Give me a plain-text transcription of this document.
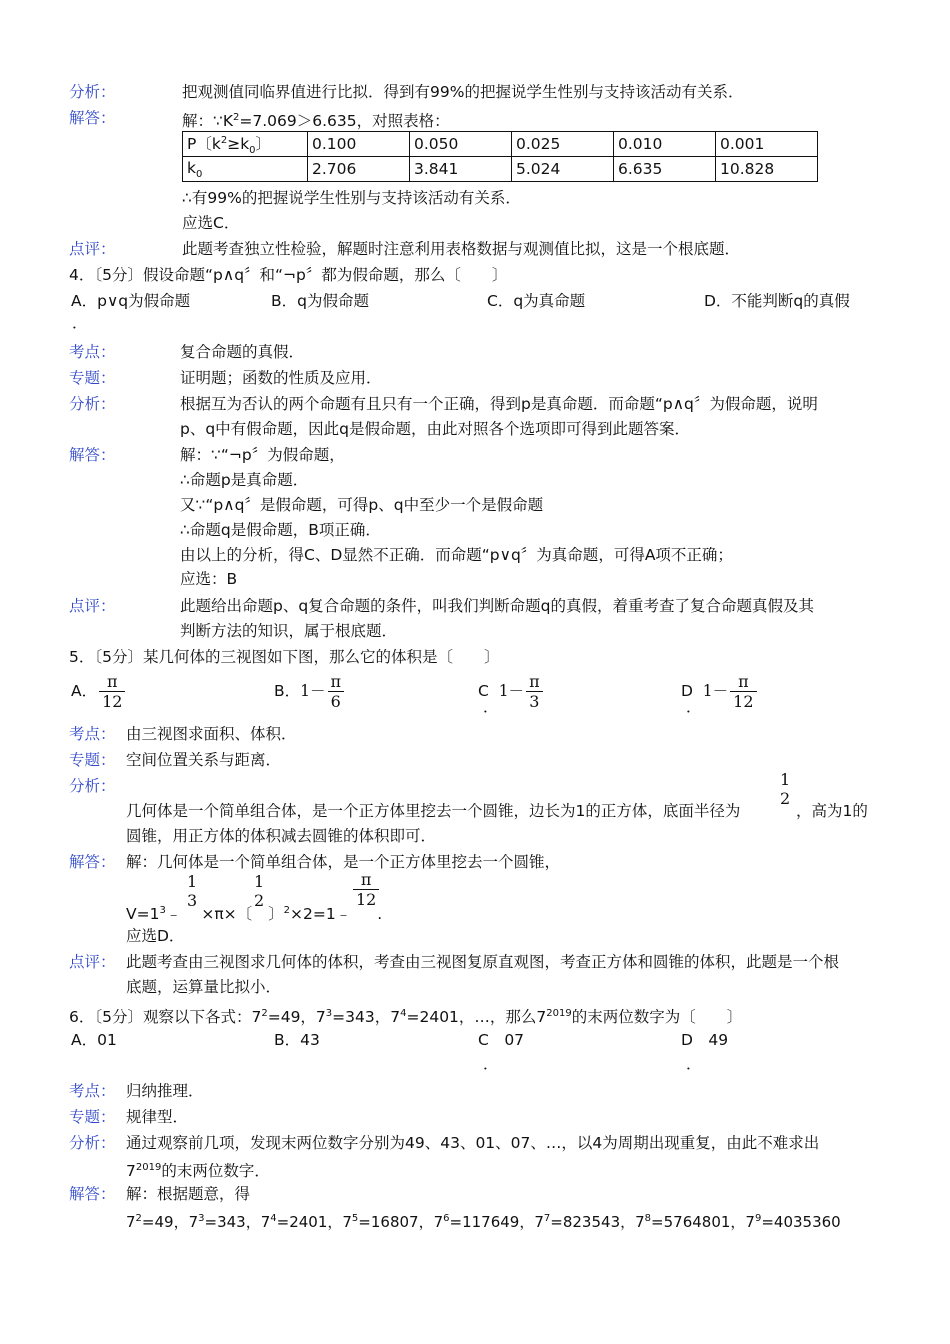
分析：	把观测值同临界值进行比拟．得到有99%的把握说学生性别与支持该活动有关系．
解答：	解：$\because K^2=7.069>6.635$，对照表格：
P〔$k^2\ge k_0$〕	0.100	0.050	0.025	0.010	0.001
$k_0$	2.706	3.841	5.024	6.635	10.828
∴有99%的把握说学生性别与支持该活动有关系．
应选C．
点评：	此题考查独立性检验，解题时注意利用表格数据与观测值比拟，这是一个根底题．
4．〔5分〕假设命题“p∧q〞和“¬p〞都为假命题，那么〔　　〕
A．p∨q为假命题	B．q为假命题	C．q为真命题	D．不能判断q的真假
．
考点：	复合命题的真假．
专题：	证明题；函数的性质及应用．
分析：	根据互为否认的两个命题有且只有一个正确，得到p是真命题．而命题“p∧q〞为假命题，说明
p、q中有假命题，因此q是假命题，由此对照各个选项即可得到此题答案．
解答：	解：∵“¬p〞为假命题，
∴命题p是真命题．
又∵“p∧q〞是假命题，可得p、q中至少一个是假命题
∴命题q是假命题，B项正确．
由以上的分析，得C、D显然不正确．而命题“p∨q〞为真命题，可得A项不正确；
应选：B
点评：	此题给出命题p、q复合命题的条件，叫我们判断命题q的真假，着重考查了复合命题真假及其
判断方法的知识，属于根底题．
5．〔5分〕某几何体的三视图如下图，那么它的体积是〔　　〕
A． $\frac{\pi}{12}$	B．$1- \frac{\pi}{6}$	C $1- \frac{\pi}{3}$
．
D $1- \frac{\pi}{12}$
．
考点： 由三视图求面积、体积．
专题： 空间位置关系与距离．
分析：
几何体是一个简单组合体，是一个正方体里挖去一个圆锥，边长为1的正方体，底面半径为
1
2
，高为1的
圆锥，用正方体的体积减去圆锥的体积即可．
解答： 解：几何体是一个简单组合体，是一个正方体里挖去一个圆锥，
$V=1^3﹣ \times\pi\times$〔 〕$^2$×2=1﹣ .
1
3
1
2	$\frac{\pi}{12}$
应选D．
点评： 此题考查由三视图求几何体的体积，考查由三视图复原直观图，考查正方体和圆锥的体积，此题是一个根
底题，运算量比拟小．
6．〔5分〕观察以下各式：$7^2=49$，$7^3=343$，$7^4=2401$，…，那么$7^{2019}$的末两位数字为〔　　〕
A．01	B．43	C　07
．
D　49
．
考点： 归纳推理．
专题： 规律型．
分析： 通过观察前几项，发现末两位数字分别为49、43、01、07、…，以4为周期出现重复，由此不难求出
$7^{2019}$的末两位数字．
解答： 解：根据题意，得
$7^2=49$，$7^3=343$，$7^4=2401$，$7^5=16807$，$7^6=117649$，$7^7=823543$，$7^8=5764801$，$7^9=4035360$
